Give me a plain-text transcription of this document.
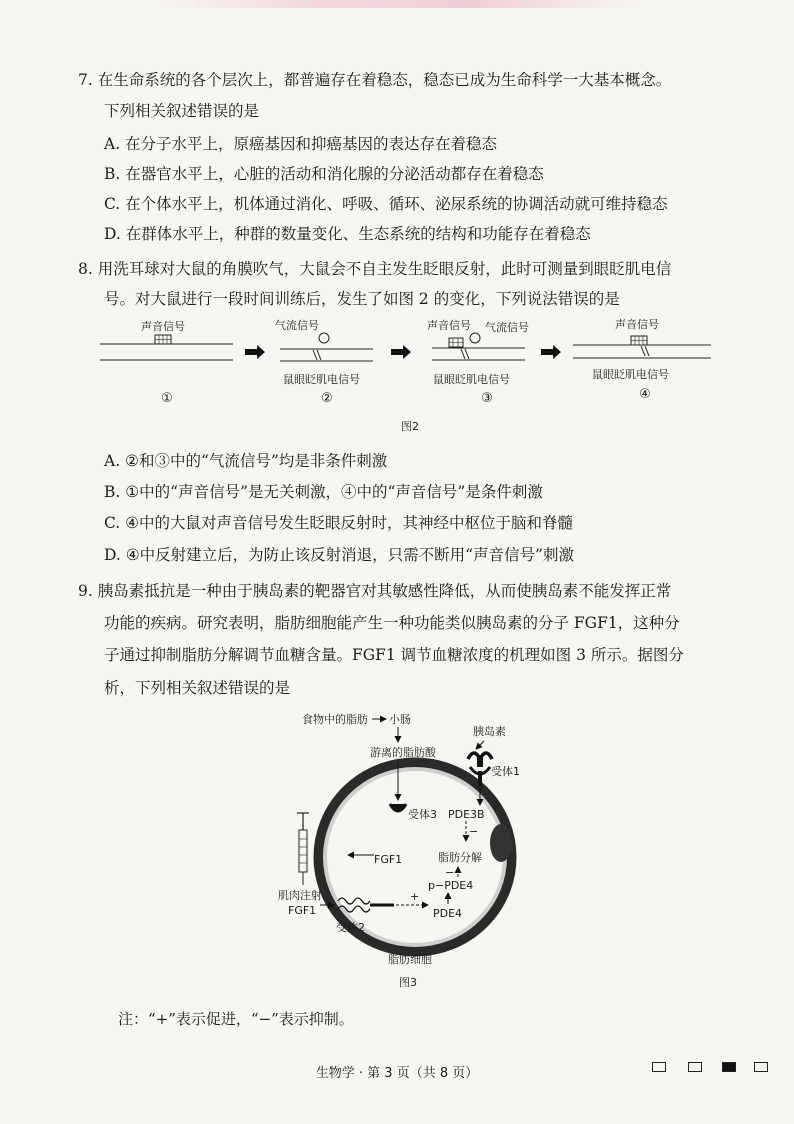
7. 在生命系统的各个层次上，都普遍存在着稳态，稳态已成为生命科学一大基本概念。
下列相关叙述错误的是
A. 在分子水平上，原癌基因和抑癌基因的表达存在着稳态
B. 在器官水平上，心脏的活动和消化腺的分泌活动都存在着稳态
C. 在个体水平上，机体通过消化、呼吸、循环、泌尿系统的协调活动就可维持稳态
D. 在群体水平上，种群的数量变化、生态系统的结构和功能存在着稳态
8. 用洗耳球对大鼠的角膜吹气，大鼠会不自主发生眨眼反射，此时可测量到眼眨肌电信
号。对大鼠进行一段时间训练后，发生了如图 2 的变化，下列说法错误的是
声音信号
①
气流信号
鼠眼眨肌电信号
②
声音信号 气流信号
鼠眼眨肌电信号
③
声音信号
鼠眼眨肌电信号
④
图2
A. ②和③中的“气流信号”均是非条件刺激
B. ①中的“声音信号”是无关刺激，④中的“声音信号”是条件刺激
C. ④中的大鼠对声音信号发生眨眼反射时，其神经中枢位于脑和脊髓
D. ④中反射建立后，为防止该反射消退，只需不断用“声音信号”刺激
9. 胰岛素抵抗是一种由于胰岛素的靶器官对其敏感性降低，从而使胰岛素不能发挥正常
功能的疾病。研究表明，脂肪细胞能产生一种功能类似胰岛素的分子 FGF1，这种分
子通过抑制脂肪分解调节血糖含量。FGF1 调节血糖浓度的机理如图 3 所示。据图分
析，下列相关叙述错误的是
食物中的脂肪 小肠
游离的脂肪酸
胰岛素
受体1
PDE3B
−
受体3
脂肪分解
−
p−PDE4
PDE4
FGF1
肌肉注射
FGF1
受体2
+
脂肪细胞
图3
注：“+”表示促进，“−”表示抑制。
生物学 · 第 3 页（共 8 页）
